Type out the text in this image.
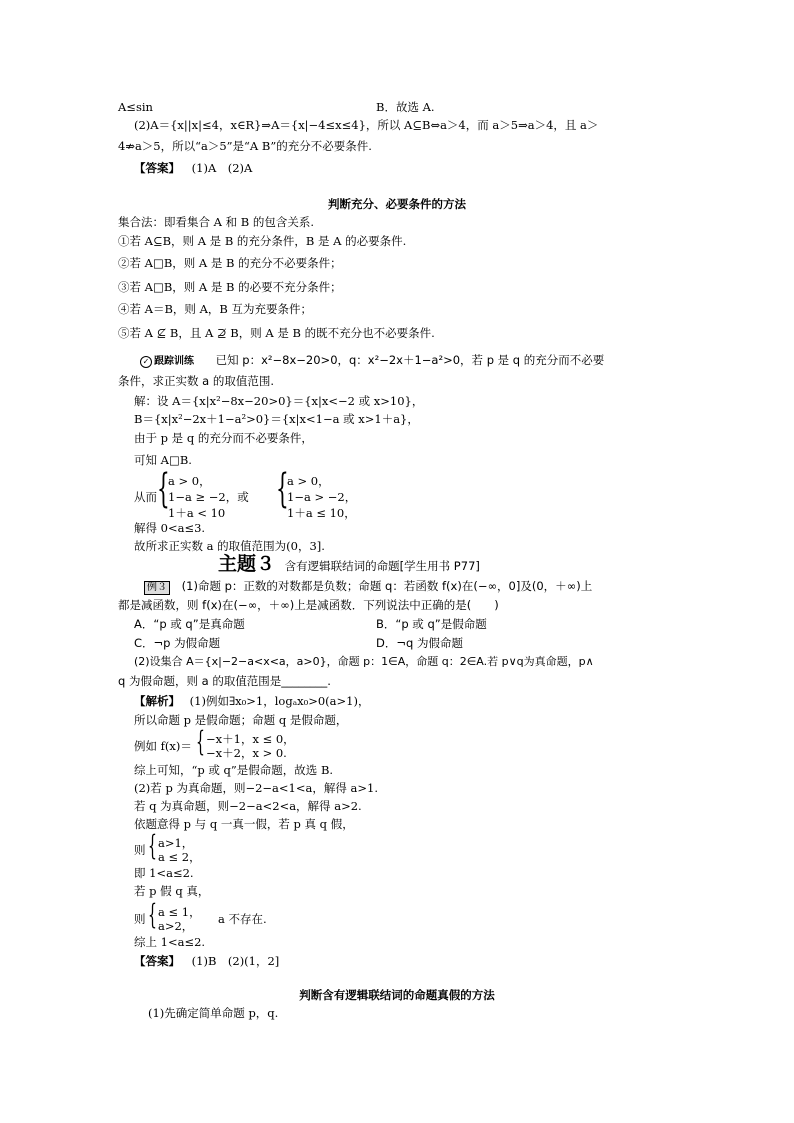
A≤sin	B．故选 A.
(2)A＝{x||x|≤4，x∈R}⇒A＝{x|−4≤x≤4}，所以 A⊆B⇔a＞4，而 a＞5⇒a＞4，且 a＞
4⇏a＞5，所以“a＞5”是“A B”的充分不必要条件.
【答案】 (1)A　(2)A
判断充分、必要条件的方法
集合法：即看集合 A 和 B 的包含关系.
①若 A⊆B，则 A 是 B 的充分条件，B 是 A 的必要条件.
②若 A□B，则 A 是 B 的充分不必要条件；
③若 A□B，则 A 是 B 的必要不充分条件；
④若 A＝B，则 A，B 互为充要条件；
⑤若 A ⊈ B，且 A ⊉ B，则 A 是 B 的既不充分也不必要条件.
✓ 跟踪训练 已知 p：x²−8x−20>0，q：x²−2x＋1−a²>0，若 p 是 q 的充分而不必要
条件，求正实数 a 的取值范围.
解：设 A＝{x|x²−8x−20>0}＝{x|x<−2 或 x>10}，
B＝{x|x²−2x＋1−a²>0}＝{x|x<1−a 或 x>1＋a}，
由于 p 是 q 的充分而不必要条件，
可知 A□B.
从而 {
a > 0，
1−a ≥ −2，或
1＋a < 10
{
a > 0，
1−a > −2，
1＋a ≤ 10，
解得 0<a≤3.
故所求正实数 a 的取值范围为(0，3].
主题３ 含有逻辑联结词的命题[学生用书 P77]
例３ (1)命题 p：正数的对数都是负数；命题 q：若函数 f(x)在(−∞，0]及(0，＋∞)上
都是减函数，则 f(x)在(−∞，＋∞)上是减函数．下列说法中正确的是(　　)
A．“p 或 q”是真命题	B．“p 或 q”是假命题
C．¬p 为假命题	D．¬q 为假命题
(2)设集合 A＝{x|−2−a<x<a，a>0}，命题 p：1∈A，命题 q：2∈A.若 p∨q为真命题，p∧
q 为假命题，则 a 的取值范围是________.
【解析】 (1)例如∃x₀>1，logₐx₀>0(a>1)，
所以命题 p 是假命题；命题 q 是假命题，
例如 f(x)＝ { −x＋1，x ≤ 0，
−x＋2，x > 0.
综上可知，“p 或 q”是假命题，故选 B.
(2)若 p 为真命题，则−2−a<1<a，解得 a>1.
若 q 为真命题，则−2−a<2<a，解得 a>2.
依题意得 p 与 q 一真一假，若 p 真 q 假，
则 { a>1，
a ≤ 2，
即 1<a≤2.
若 p 假 q 真，
则 { a ≤ 1，
a>2， a 不存在.
综上 1<a≤2.
【答案】 (1)B　(2)(1，2]
判断含有逻辑联结词的命题真假的方法
(1)先确定简单命题 p，q.
